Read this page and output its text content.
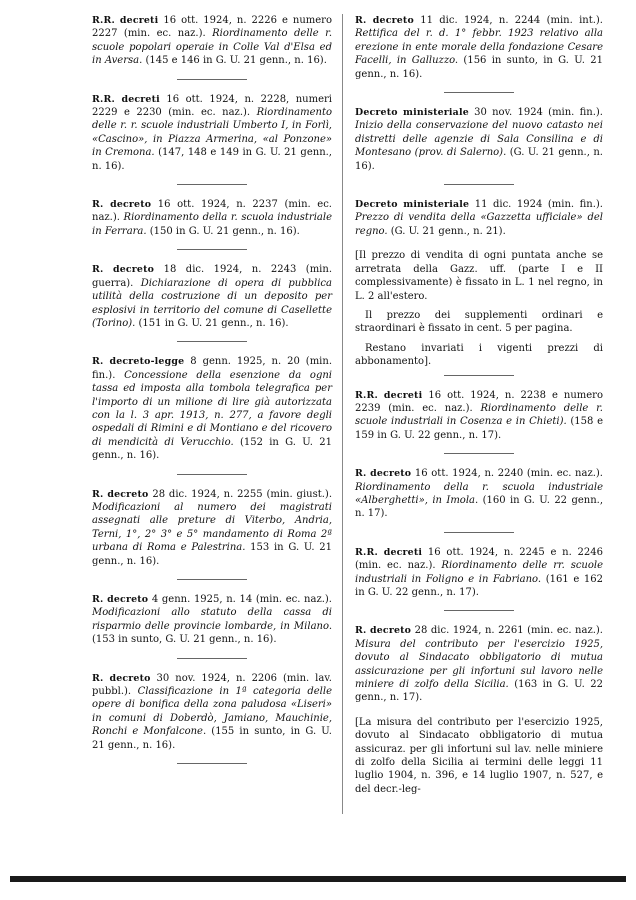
R.R. decreti 16 ott. 1924, n. 2226 e numero 2227 (min. ec. naz.). Riordinamento delle r. scuole popolari operaie in Colle Val d'Elsa ed in Aversa. (145 e 146 in G. U. 21 genn., n. 16).

R.R. decreti 16 ott. 1924, n. 2228, numeri 2229 e 2230 (min. ec. naz.). Riordinamento delle r. r. scuole industriali Umberto I, in Forlì, «Cascino», in Piazza Armerina, «al Ponzone» in Cremona. (147, 148 e 149 in G. U. 21 genn., n. 16).

R. decreto 16 ott. 1924, n. 2237 (min. ec. naz.). Riordinamento della r. scuola industriale in Ferrara. (150 in G. U. 21 genn., n. 16).

R. decreto 18 dic. 1924, n. 2243 (min. guerra). Dichiarazione di opera di pubblica utilità della costruzione di un deposito per esplosivi in territorio del comune di Casellette (Torino). (151 in G. U. 21 genn., n. 16).

R. decreto-legge 8 genn. 1925, n. 20 (min. fin.). Concessione della esenzione da ogni tassa ed imposta alla tombola telegrafica per l'importo di un milione di lire già autorizzata con la l. 3 apr. 1913, n. 277, a favore degli ospedali di Rimini e di Montiano e del ricovero di mendicità di Verucchio. (152 in G. U. 21 genn., n. 16).

R. decreto 28 dic. 1924, n. 2255 (min. giust.). Modificazioni al numero dei magistrati assegnati alle preture di Viterbo, Andria, Terni, 1°, 2° 3° e 5° mandamento di Roma 2ª urbana di Roma e Palestrina. 153 in G. U. 21 genn., n. 16).

R. decreto 4 genn. 1925, n. 14 (min. ec. naz.). Modificazioni allo statuto della cassa di risparmio delle provincie lombarde, in Milano. (153 in sunto, G. U. 21 genn., n. 16).

R. decreto 30 nov. 1924, n. 2206 (min. lav. pubbl.). Classificazione in 1ª categoria delle opere di bonifica della zona paludosa «Liseri» in comuni di Doberdò, Jamiano, Mauchinie, Ronchi e Monfalcone. (155 in sunto, in G. U. 21 genn., n. 16).

R. decreto 11 dic. 1924, n. 2244 (min. int.). Rettifica del r. d. 1° febbr. 1923 relativo alla erezione in ente morale della fondazione Cesare Facelli, in Galluzzo. (156 in sunto, in G. U. 21 genn., n. 16).

Decreto ministeriale 30 nov. 1924 (min. fin.). Inizio della conservazione del nuovo catasto nei distretti delle agenzie di Sala Consilina e di Montesano (prov. di Salerno). (G. U. 21 genn., n. 16).

Decreto ministeriale 11 dic. 1924 (min. fin.). Prezzo di vendita della «Gazzetta ufficiale» del regno. (G. U. 21 genn., n. 21).

[Il prezzo di vendita di ogni puntata anche se arretrata della Gazz. uff. (parte I e II complessivamente) è fissato in L. 1 nel regno, in L. 2 all'estero.

Il prezzo dei supplementi ordinari e straordinari è fissato in cent. 5 per pagina.

Restano invariati i vigenti prezzi di abbonamento].

R.R. decreti 16 ott. 1924, n. 2238 e numero 2239 (min. ec. naz.). Riordinamento delle r. scuole industriali in Cosenza e in Chieti). (158 e 159 in G. U. 22 genn., n. 17).

R. decreto 16 ott. 1924, n. 2240 (min. ec. naz.). Riordinamento della r. scuola industriale «Alberghetti», in Imola. (160 in G. U. 22 genn., n. 17).

R.R. decreti 16 ott. 1924, n. 2245 e n. 2246 (min. ec. naz.). Riordinamento delle rr. scuole industriali in Foligno e in Fabriano. (161 e 162 in G. U. 22 genn., n. 17).

R. decreto 28 dic. 1924, n. 2261 (min. ec. naz.). Misura del contributo per l'esercizio 1925, dovuto al Sindacato obbligatorio di mutua assicurazione per gli infortuni sul lavoro nelle miniere di zolfo della Sicilia. (163 in G. U. 22 genn., n. 17).

[La misura del contributo per l'esercizio 1925, dovuto al Sindacato obbligatorio di mutua assicuraz. per gli infortuni sul lav. nelle miniere di zolfo della Sicilia ai termini delle leggi 11 luglio 1904, n. 396, e 14 luglio 1907, n. 527, e del decr.-leg-
